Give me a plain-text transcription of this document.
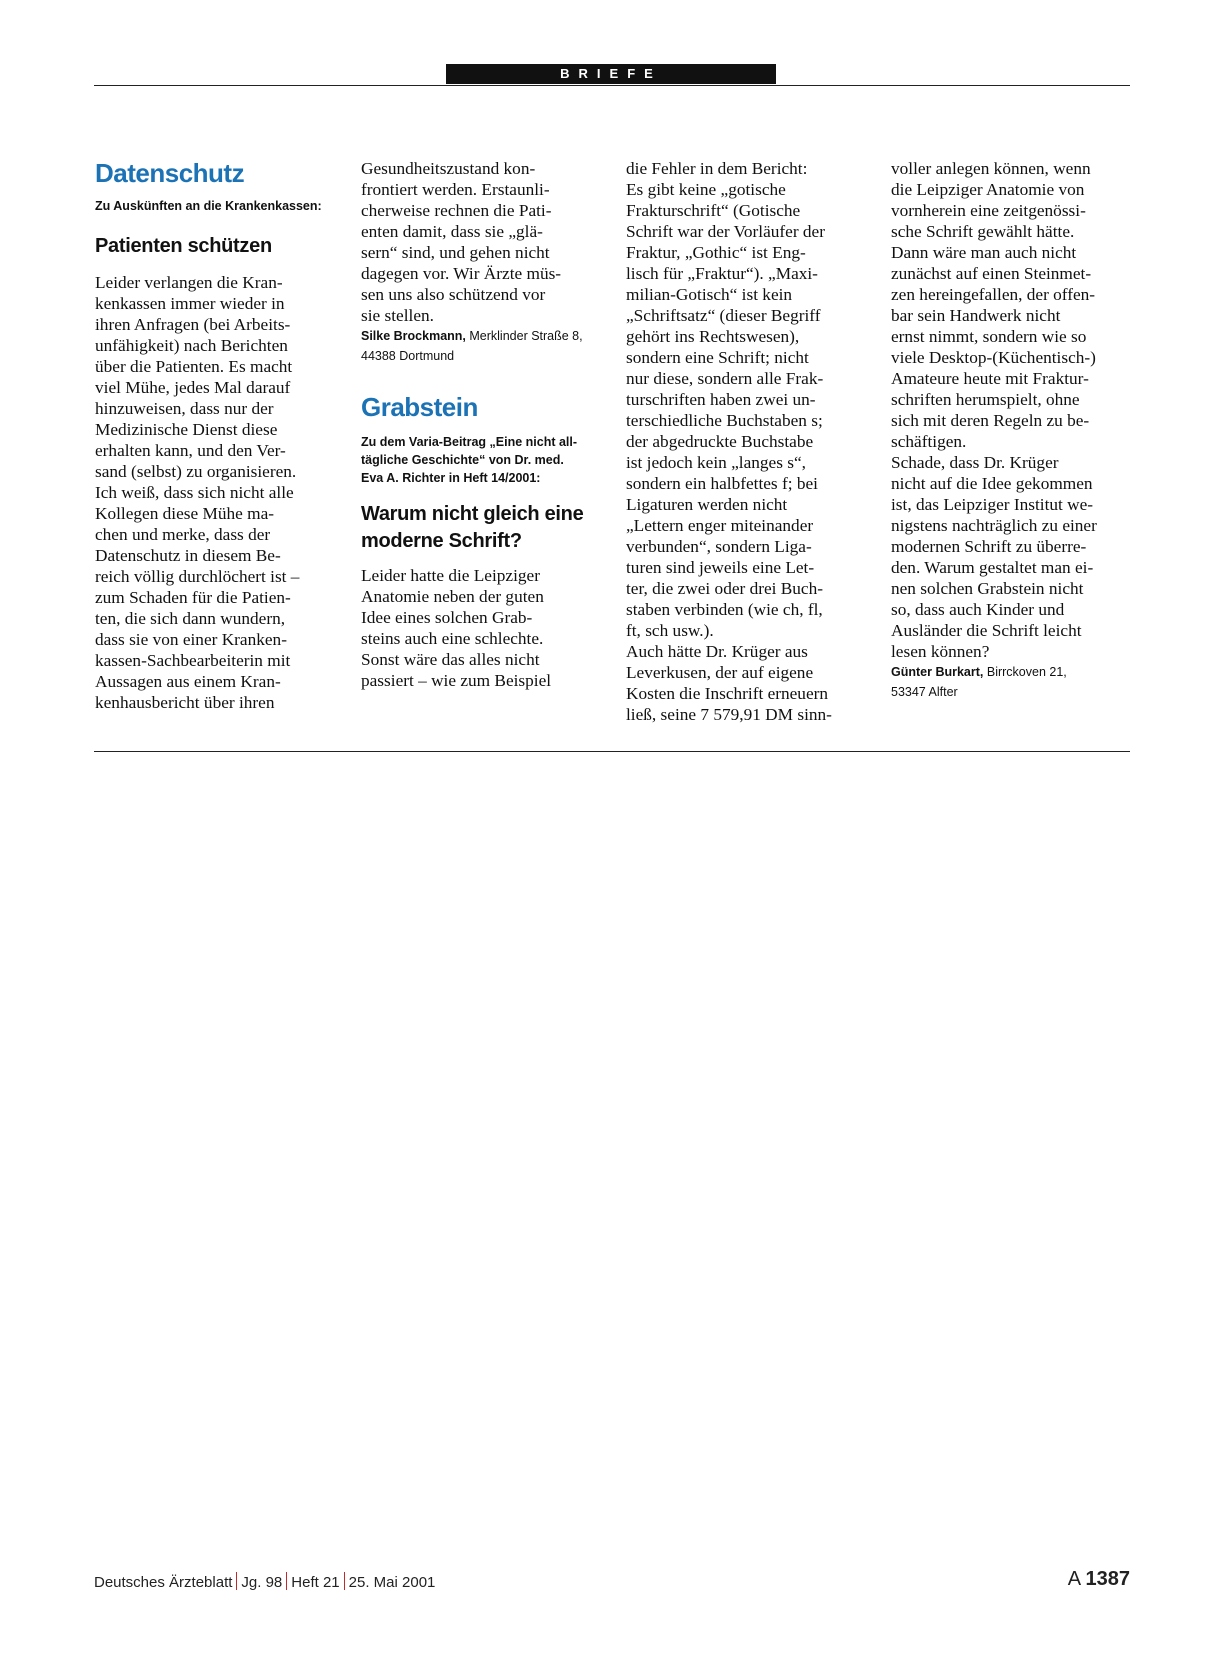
BRIEFE
Datenschutz

Zu Auskünften an die Krankenkassen:

Patienten schützen

Leider verlangen die Kran-
kenkassen immer wieder in
ihren Anfragen (bei Arbeits-
unfähigkeit) nach Berichten
über die Patienten. Es macht
viel Mühe, jedes Mal darauf
hinzuweisen, dass nur der
Medizinische Dienst diese
erhalten kann, und den Ver-
sand (selbst) zu organisieren.
Ich weiß, dass sich nicht alle
Kollegen diese Mühe ma-
chen und merke, dass der
Datenschutz in diesem Be-
reich völlig durchlöchert ist –
zum Schaden für die Patien-
ten, die sich dann wundern,
dass sie von einer Kranken-
kassen-Sachbearbeiterin mit
Aussagen aus einem Kran-
kenhausbericht über ihren

Gesundheitszustand kon-
frontiert werden. Erstaunli-
cherweise rechnen die Pati-
enten damit, dass sie „glä-
sern“ sind, und gehen nicht
dagegen vor. Wir Ärzte müs-
sen uns also schützend vor
sie stellen.

Silke Brockmann, Merklinder Straße 8,
44388 Dortmund

Grabstein

Zu dem Varia-Beitrag „Eine nicht all-
tägliche Geschichte“ von Dr. med.
Eva A. Richter in Heft 14/2001:

Warum nicht gleich eine
moderne Schrift?

Leider hatte die Leipziger
Anatomie neben der guten
Idee eines solchen Grab-
steins auch eine schlechte.
Sonst wäre das alles nicht
passiert – wie zum Beispiel

die Fehler in dem Bericht:
Es gibt keine „gotische
Frakturschrift“ (Gotische
Schrift war der Vorläufer der
Fraktur, „Gothic“ ist Eng-
lisch für „Fraktur“). „Maxi-
milian-Gotisch“ ist kein
„Schriftsatz“ (dieser Begriff
gehört ins Rechtswesen),
sondern eine Schrift; nicht
nur diese, sondern alle Frak-
turschriften haben zwei un-
terschiedliche Buchstaben s;
der abgedruckte Buchstabe
ist jedoch kein „langes s“,
sondern ein halbfettes f; bei
Ligaturen werden nicht
„Lettern enger miteinander
verbunden“, sondern Liga-
turen sind jeweils eine Let-
ter, die zwei oder drei Buch-
staben verbinden (wie ch, fl,
ft, sch usw.).
Auch hätte Dr. Krüger aus
Leverkusen, der auf eigene
Kosten die Inschrift erneuern
ließ, seine 7 579,91 DM sinn-

voller anlegen können, wenn
die Leipziger Anatomie von
vornherein eine zeitgenössi-
sche Schrift gewählt hätte.
Dann wäre man auch nicht
zunächst auf einen Steinmet-
zen hereingefallen, der offen-
bar sein Handwerk nicht
ernst nimmt, sondern wie so
viele Desktop-(Küchentisch-)
Amateure heute mit Fraktur-
schriften herumspielt, ohne
sich mit deren Regeln zu be-
schäftigen.
Schade, dass Dr. Krüger
nicht auf die Idee gekommen
ist, das Leipziger Institut we-
nigstens nachträglich zu einer
modernen Schrift zu überre-
den. Warum gestaltet man ei-
nen solchen Grabstein nicht
so, dass auch Kinder und
Ausländer die Schrift leicht
lesen können?

Günter Burkart, Birrckoven 21,
53347 Alfter

Deutsches Ärzteblatt Jg. 98 Heft 21 25. Mai 2001	A 1387
